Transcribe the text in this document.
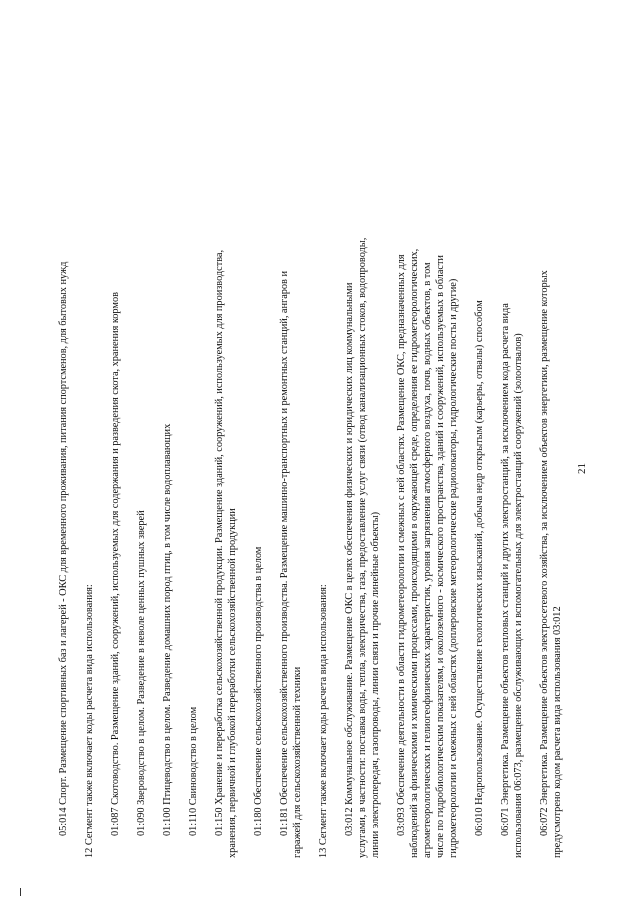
21
05:014 Спорт. Размещение спортивных баз и лагерей - ОКС для временного проживания, питания спортсменов, для бытовых нужд 12 Сегмент также включает коды расчета вида использования: 01:087 Скотоводство. Размещение зданий, сооружений, используемых для содержания и разведения скота, хранения кормов 01:090 Звероводство в целом. Разведение в неволе ценных пушных зверей 01:100 Птицеводство в целом. Разведение домашних пород птиц, в том числе водоплавающих 01:110 Свиноводство в целом 01:150 Хранение и переработка сельскохозяйственной продукции. Размещение зданий, сооружений, используемых для производства, хранения, первичной и глубокой переработки сельскохозяйственной продукции 01:180 Обеспечение сельскохозяйственного производства в целом 01:181 Обеспечение сельскохозяйственного производства. Размещение машинно-транспортных и ремонтных станций, ангаров и гаражей для сельскохозяйственной техники 13 Сегмент также включает коды расчета вида использования: 03:012 Коммунальное обслуживание. Размещение ОКС в целях обеспечения физических и юридических лиц коммунальными услугами, в частности: поставка воды, тепла, электричества, газа, предоставление услуг связи (отвод канализационных стоков, водопроводы, линии электропередач, газопроводы, линии связи и прочие линейные объекты) 03:093 Обеспечение деятельности в области гидрометеорологии и смежных с ней областях. Размещение ОКС, предназначенных для наблюдений за физическими и химическими процессами, происходящими в окружающей среде, определения ее гидрометеорологических, агрометеорологических и гелиогеофизических характеристик, уровня загрязнения атмосферного воздуха, почв, водных объектов, в том числе по гидробиологическим показателям, и околоземного - космического пространства, зданий и сооружений, используемых в области гидрометеорологии и смежных с ней областях (доплеровские метеорологические радиолокаторы, гидрологические посты и другие) 06:010 Недропользование. Осуществление геологических изысканий, добыча недр открытым (карьеры, отвалы) способом 06:071 Энергетика. Размещение объектов тепловых станций и других электростанций, за исключением кода расчета вида использования 06:073, размещение обслуживающих и вспомогательных для электростанций сооружений (золоотвалов) 06:072 Энергетика. Размещение объектов электросетевого хозяйства, за исключением объектов энергетики, размещение которых предусмотрено кодом расчета вида использования 03:012
